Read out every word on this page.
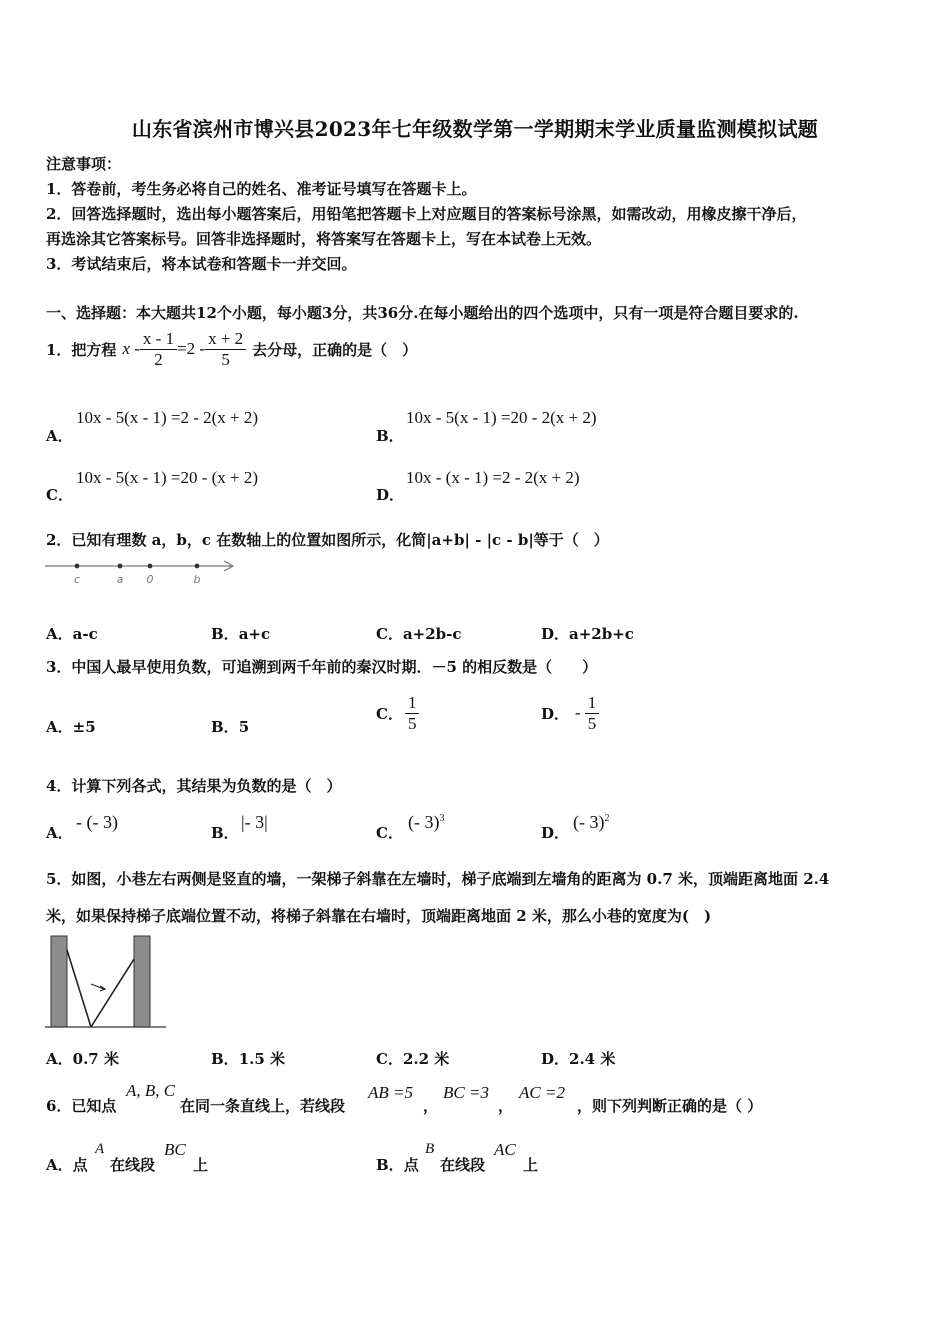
山东省滨州市博兴县2023年七年级数学第一学期期末学业质量监测模拟试题
注意事项：
1．答卷前，考生务必将自己的姓名、准考证号填写在答题卡上。
2．回答选择题时，选出每小题答案后，用铅笔把答题卡上对应题目的答案标号涂黑，如需改动，用橡皮擦干净后，
再选涂其它答案标号。回答非选择题时，将答案写在答题卡上，写在本试卷上无效。
3．考试结束后，将本试卷和答题卡一并交回。
一、选择题：本大题共12个小题，每小题3分，共36分.在每小题给出的四个选项中，只有一项是符合题目要求的.
1．把方程 $x - \frac{x - 1}{2} =2 - \frac{x + 2}{5}$ 去分母，正确的是（　）
A．
10x - 5(x - 1) =2 - 2(x + 2)
B．
10x - 5(x - 1) =20 - 2(x + 2)
C．
10x - 5(x - 1) =20 - (x + 2)
D．
10x - (x - 1) =2 - 2(x + 2)
2．已知有理数 a，b，c 在数轴上的位置如图所示，化简|a+b| - |c - b|等于（　）
c	a 0	b
A．a-c	B．a+c	C．a+2b-c	D．a+2b+c
3．中国人最早使用负数，可追溯到两千年前的秦汉时期．－5 的相反数是（　　）
A．±5	B．5
C． $\frac{1}{5}$	D． - $\frac{1}{5}$
4．计算下列各式，其结果为负数的是（　）
A．
- (- 3)
B．
|- 3|
C．
(- 3)$^3$
D．
(- 3)$^2$
5．如图，小巷左右两侧是竖直的墙，一架梯子斜靠在左墙时，梯子底端到左墙角的距离为 0.7 米，顶端距离地面 2.4
米，如果保持梯子底端位置不动，将梯子斜靠在右墙时，顶端距离地面 2 米，那么小巷的宽度为(　)
A．0.7 米	B．1.5 米	C．2.2 米	D．2.4 米
6．已知点
A, B, C
在同一条直线上，若线段
AB =5
，
BC =3
，
AC =2
，则下列判断正确的是（ ）
A．点
A
在线段
BC
上	B．点
B
在线段
AC
上
